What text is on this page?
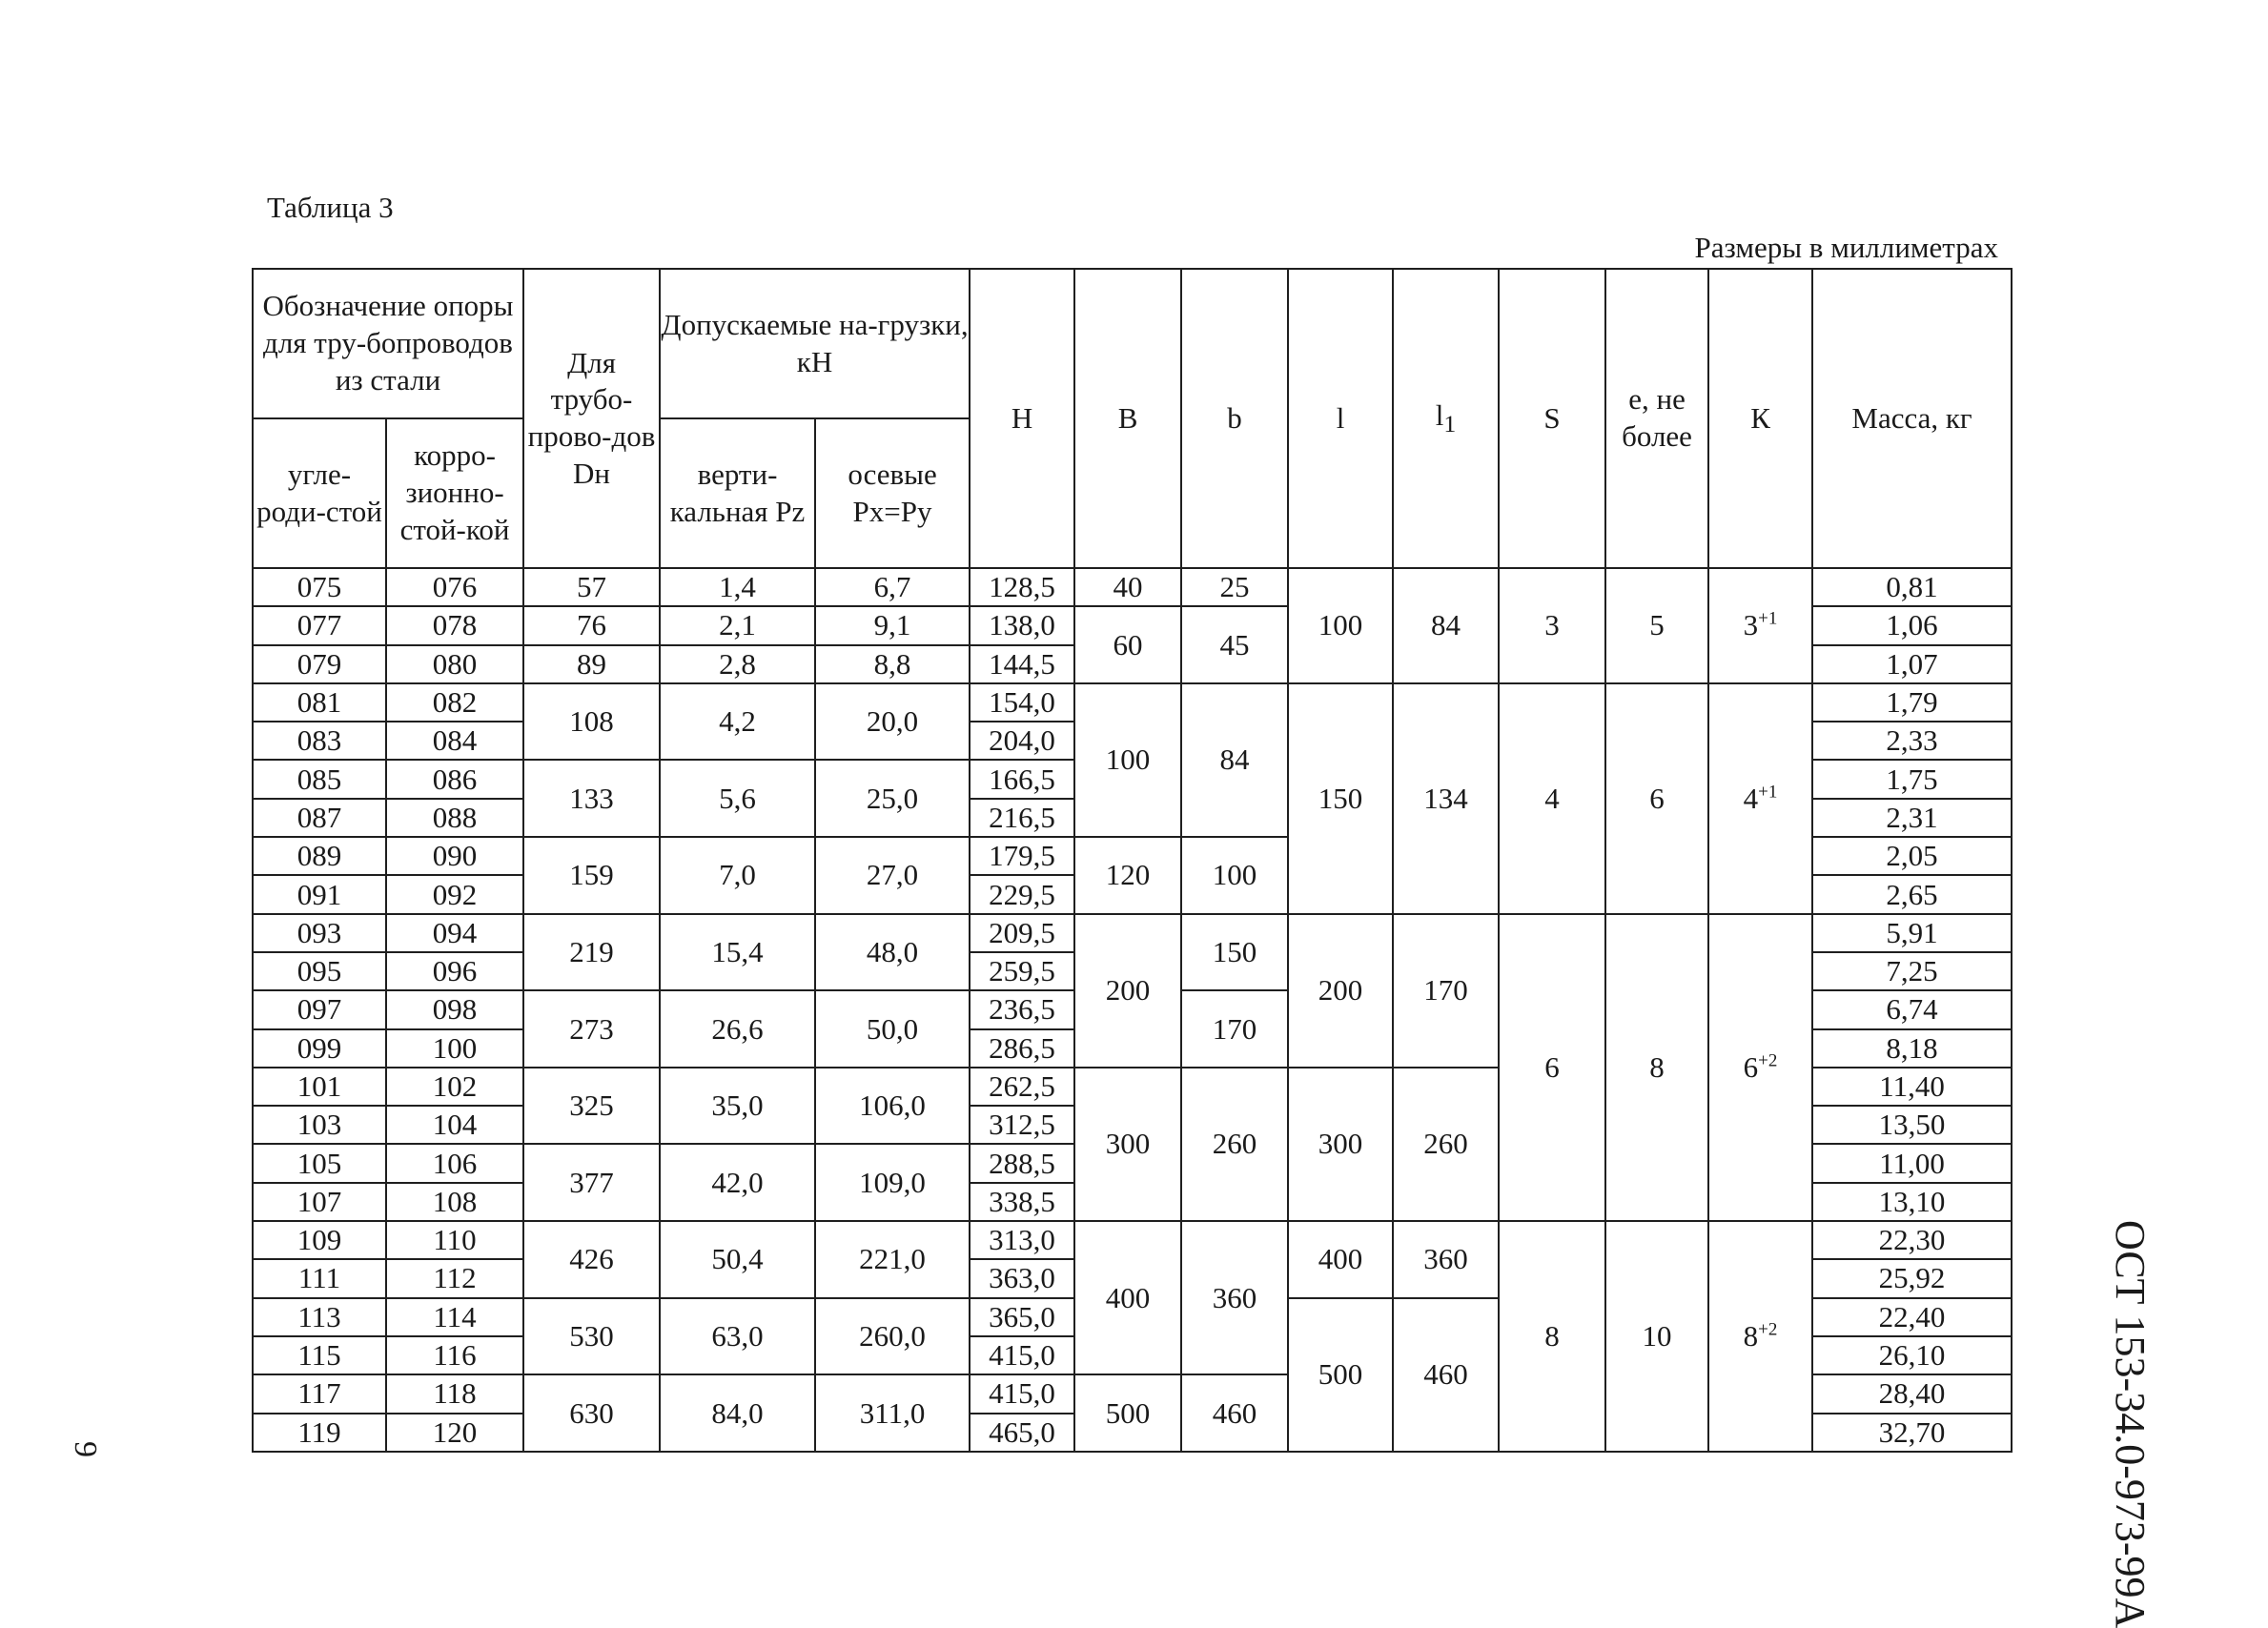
Таблица 3
Размеры в миллиметрах
ОСТ 153-34.0-973-99А
9
Обозначение опоры для тру-бопроводов из стали		Для трубо-прово-дов Dн	Допускаемые на-грузки, кН		H	B	b	l	$l_1$	S	е, не более	К	Масса, кг
угле-роди-стой	корро-зионно-стой-кой		верти-кальная Pz	осевые Px=Py									
075	076	57	1,4	6,7	128,5	40	25	100	84	3	5	$3^{+1}$	0,81
077	078	76	2,1	9,1	138,0	60	45						1,06
079	080	89	2,8	8,8	144,5								1,07
081	082	108	4,2	20,0	154,0	100	84	150	134	4	6	$4^{+1}$	1,79
083	084				204,0								2,33
085	086	133	5,6	25,0	166,5								1,75
087	088				216,5								2,31
089	090	159	7,0	27,0	179,5	120	100						2,05
091	092				229,5								2,65
093	094	219	15,4	48,0	209,5	200	150	200	170	6	8	$6^{+2}$	5,91
095	096				259,5								7,25
097	098	273	26,6	50,0	236,5		170						6,74
099	100				286,5								8,18
101	102	325	35,0	106,0	262,5	300	260	300	260				11,40
103	104				312,5								13,50
105	106	377	42,0	109,0	288,5								11,00
107	108				338,5								13,10
109	110	426	50,4	221,0	313,0	400	360	400	360	8	10	$8^{+2}$	22,30
111	112				363,0								25,92
113	114	530	63,0	260,0	365,0			500	460				22,40
115	116				415,0								26,10
117	118	630	84,0	311,0	415,0	500	460						28,40
119	120				465,0								32,70
